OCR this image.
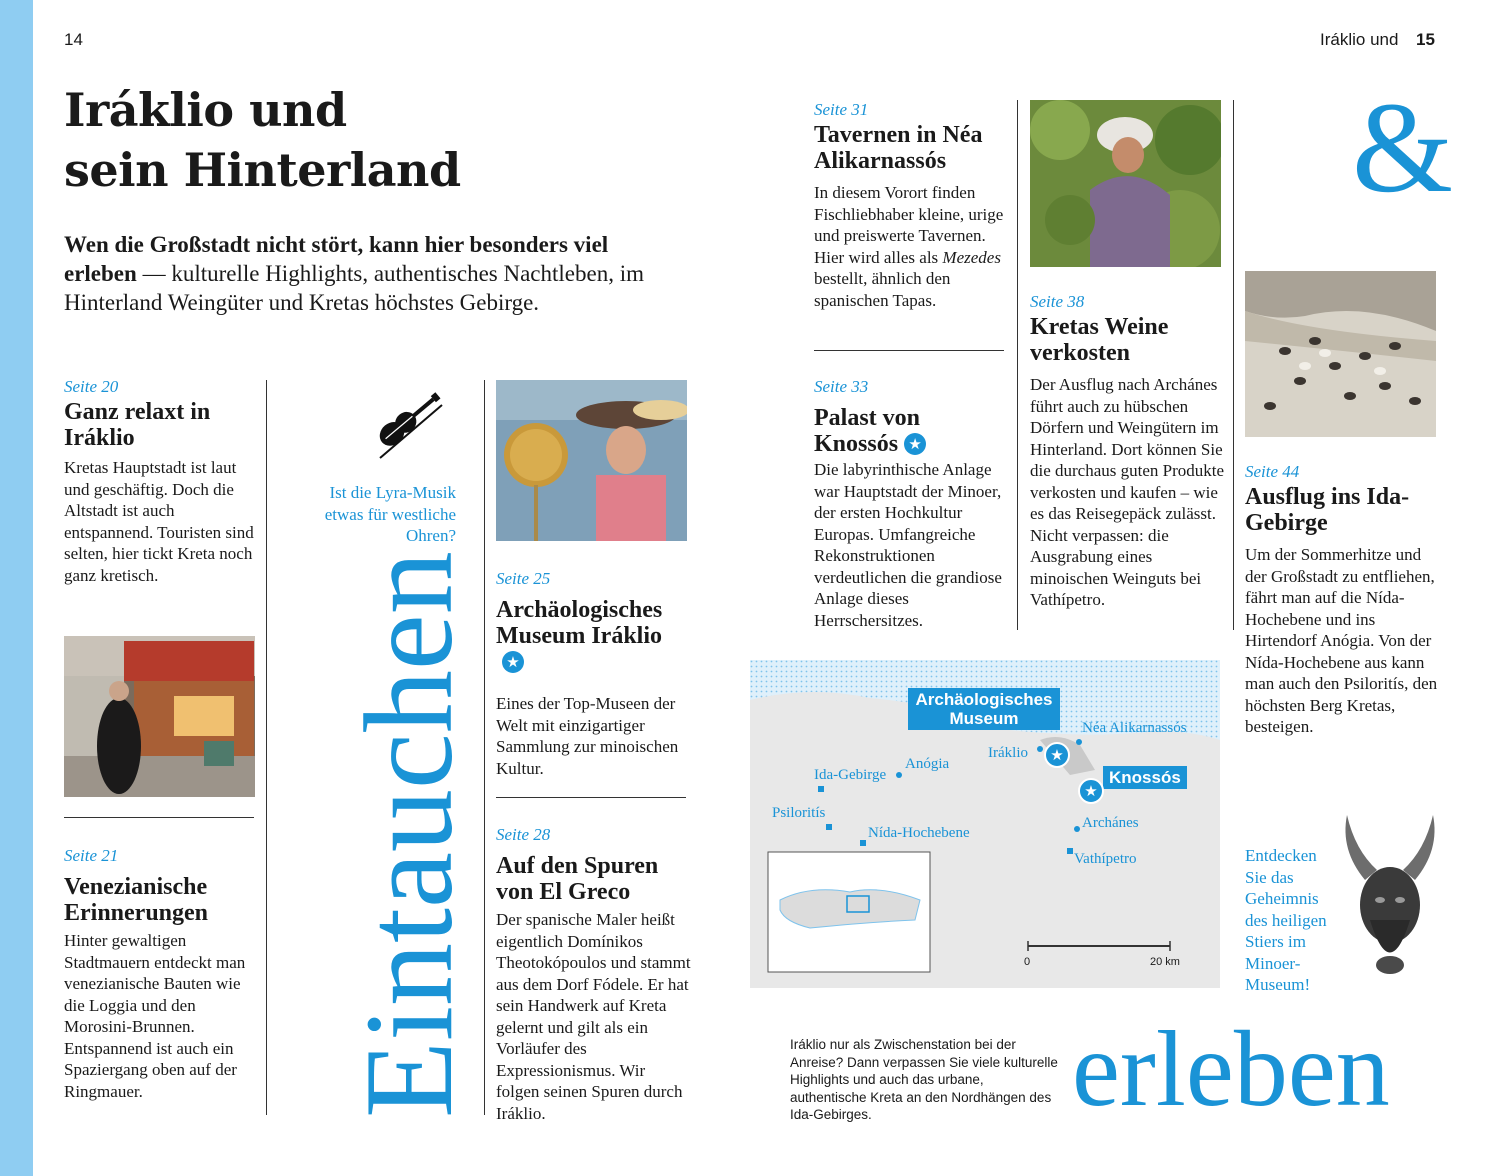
14	Iráklio und 15
Iráklio und
sein Hinterland
Wen die Großstadt nicht stört, kann hier besonders viel erleben — kulturelle Highlights, authentisches Nachtleben, im Hinterland Weingüter und Kretas höchstes Gebirge.
Seite 20
Ganz relaxt in Iráklio
Kretas Hauptstadt ist laut und geschäftig. Doch die Altstadt ist auch entspannend. Touristen sind selten, hier tickt Kreta noch ganz kretisch.
Seite 21
Venezianische Erinnerungen
Hinter gewaltigen Stadtmauern entdeckt man venezianische Bauten wie die Loggia und den Morosini-Brunnen. Entspannend ist auch ein Spaziergang oben auf der Ringmauer.
Ist die Lyra-Musik etwas für westliche Ohren?
Eintauchen Seite 25
Archäologisches Museum Iráklio★
Eines der Top-Museen der Welt mit einzigartiger Sammlung zur minoischen Kultur.
Seite 28
Auf den Spuren von El Greco
Der spanische Maler heißt eigentlich Domínikos Theotokópoulos und stammt aus dem Dorf Fódele. Er hat sein Handwerk auf Kreta gelernt und gilt als ein Vorläufer des Expressionismus. Wir folgen seinen Spuren durch Iráklio.
Seite 31
Tavernen in Néa Alikarnassós
In diesem Vorort finden Fischliebhaber kleine, urige und preiswerte Tavernen. Hier wird alles als Mezedes bestellt, ähnlich den spanischen Tapas.
Seite 33
Palast von Knossós ★
Die labyrinthische Anlage war Hauptstadt der Minoer, der ersten Hochkultur Europas. Umfangreiche Rekonstruktionen verdeutlichen die grandiose Anlage dieses Herrschersitzes.
Seite 38
Kretas Weine verkosten
Der Ausflug nach Archánes führt auch zu hübschen Dörfern und Weingütern im Hinterland. Dort können Sie die durchaus guten Produkte verkosten und kaufen – wie es das Reisegepäck zulässt. Nicht verpassen: die Ausgrabung eines minoischen Weinguts bei Vathípetro.
&
Seite 44
Ausflug ins Ida-Gebirge
Um der Sommerhitze und der Großstadt zu entfliehen, fährt man auf die Nída-Hochebene und ins Hirtendorf Anógia. Von der Nída-Hochebene aus kann man auch den Psiloritís, den höchsten Berg Kretas, besteigen.
Entdecken Sie das Geheimnis des heiligen Stiers im Minoer-Museum!
Archäologisches Museum
Knossós
★
★
Néa Alikarnassós
Iráklio
Anógia
Ida-Gebirge
Psiloritís
Nída-Hochebene
Archánes
Vathípetro
0	20 km
Iráklio nur als Zwischenstation bei der Anreise? Dann verpassen Sie viele kulturelle Highlights und auch das urbane, authentische Kreta an den Nordhängen des Ida-Gebirges.	erleben
